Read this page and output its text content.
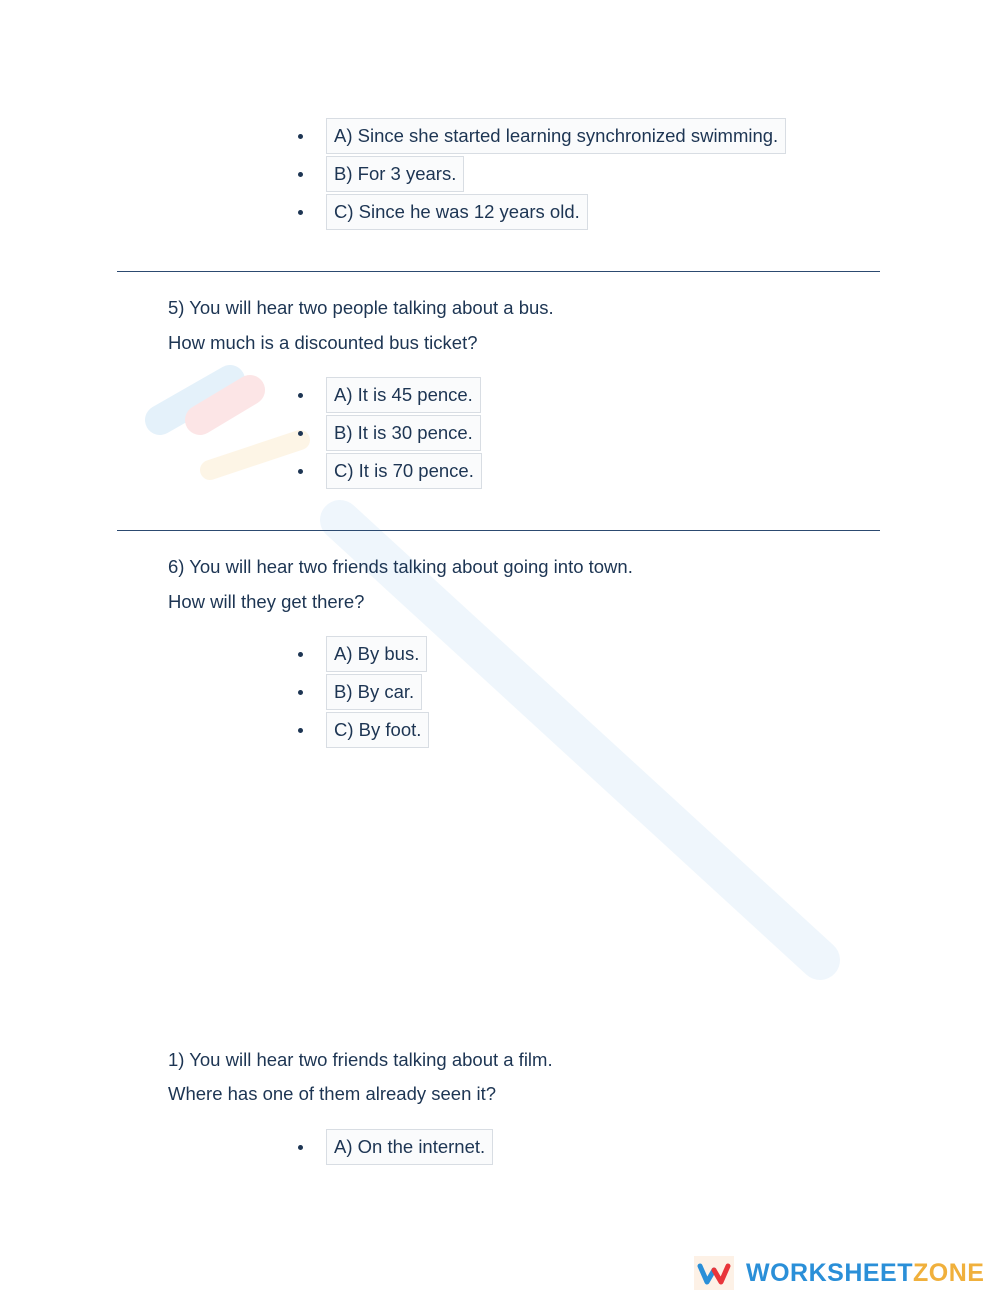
A) Since she started learning synchronized swimming.
B) For 3 years.
C) Since he was 12 years old.
5) You will hear two people talking about a bus.
How much is a discounted bus ticket?
A) It is 45 pence.
B) It is 30 pence.
C) It is 70 pence.
6) You will hear two friends talking about going into town.
How will they get there?
A) By bus.
B) By car.
C) By foot.
1) You will hear two friends talking about a film.
Where has one of them already seen it?
A) On the internet.
WORKSHEET ZONE
